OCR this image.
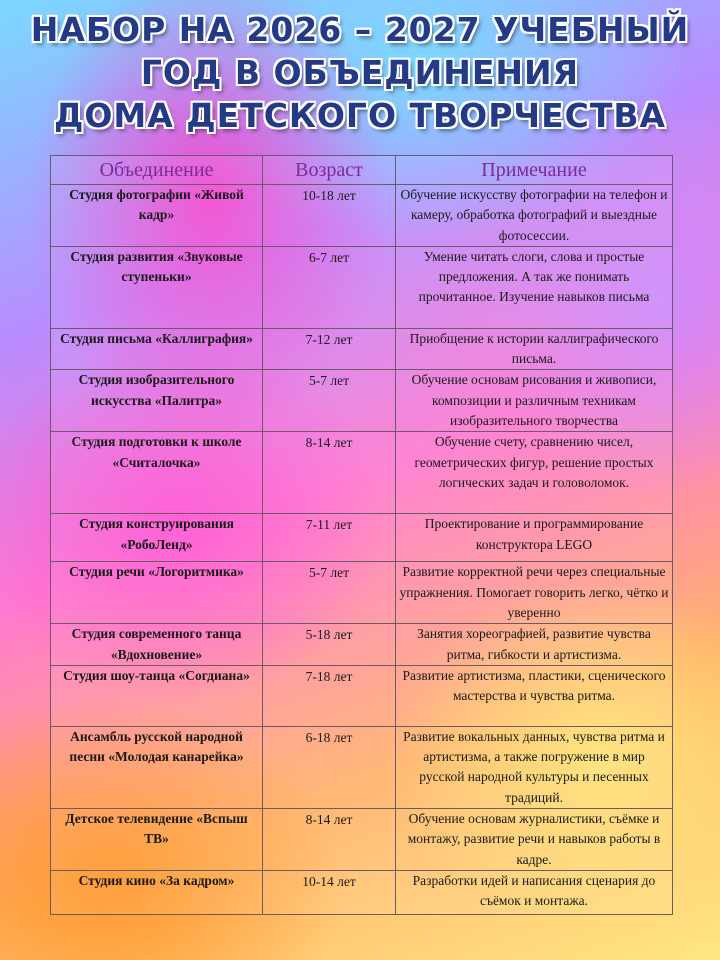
НАБОР НА 2026 – 2027 УЧЕБНЫЙ
ГОД В ОБЪЕДИНЕНИЯ
ДОМА ДЕТСКОГО ТВОРЧЕСТВА
Объединение	Возраст	Примечание
Студия фотографии «Живой кадр»	10-18 лет	Обучение искусству фотографии на телефон и камеру, обработка фотографий и выездные фотосессии.
Студия развития «Звуковые ступеньки»	6-7 лет	Умение читать слоги, слова и простые предложения. А так же понимать прочитанное. Изучение навыков письма
Студия письма «Каллиграфия»	7-12 лет	Приобщение к истории каллиграфического письма.
Студия изобразительного искусства «Палитра»	5-7 лет	Обучение основам рисования и живописи, композиции и различным техникам изобразительного творчества
Студия подготовки к школе «Считалочка»	8-14 лет	Обучение счету, сравнению чисел, геометрических фигур, решение простых логических задач и головоломок.
Студия конструирования «РобоЛенд»	7-11 лет	Проектирование и программирование конструктора LEGO
Студия речи «Логоритмика»	5-7 лет	Развитие корректной речи через специальные упражнения. Помогает говорить легко, чётко и уверенно
Студия современного танца «Вдохновение»	5-18 лет	Занятия хореографией, развитие чувства ритма, гибкости и артистизма.
Студия шоу-танца «Согдиана»	7-18 лет	Развитие артистизма, пластики, сценического мастерства и чувства ритма.
Ансамбль русской народной песни «Молодая канарейка»	6-18 лет	Развитие вокальных данных, чувства ритма и артистизма, а также погружение в мир русской народной культуры и песенных традиций.
Детское телевидение «Вспыш ТВ»	8-14 лет	Обучение основам журналистики, съёмке и монтажу, развитие речи и навыков работы в кадре.
Студия кино «За кадром»	10-14 лет	Разработки идей и написания сценария до съёмок и монтажа.
